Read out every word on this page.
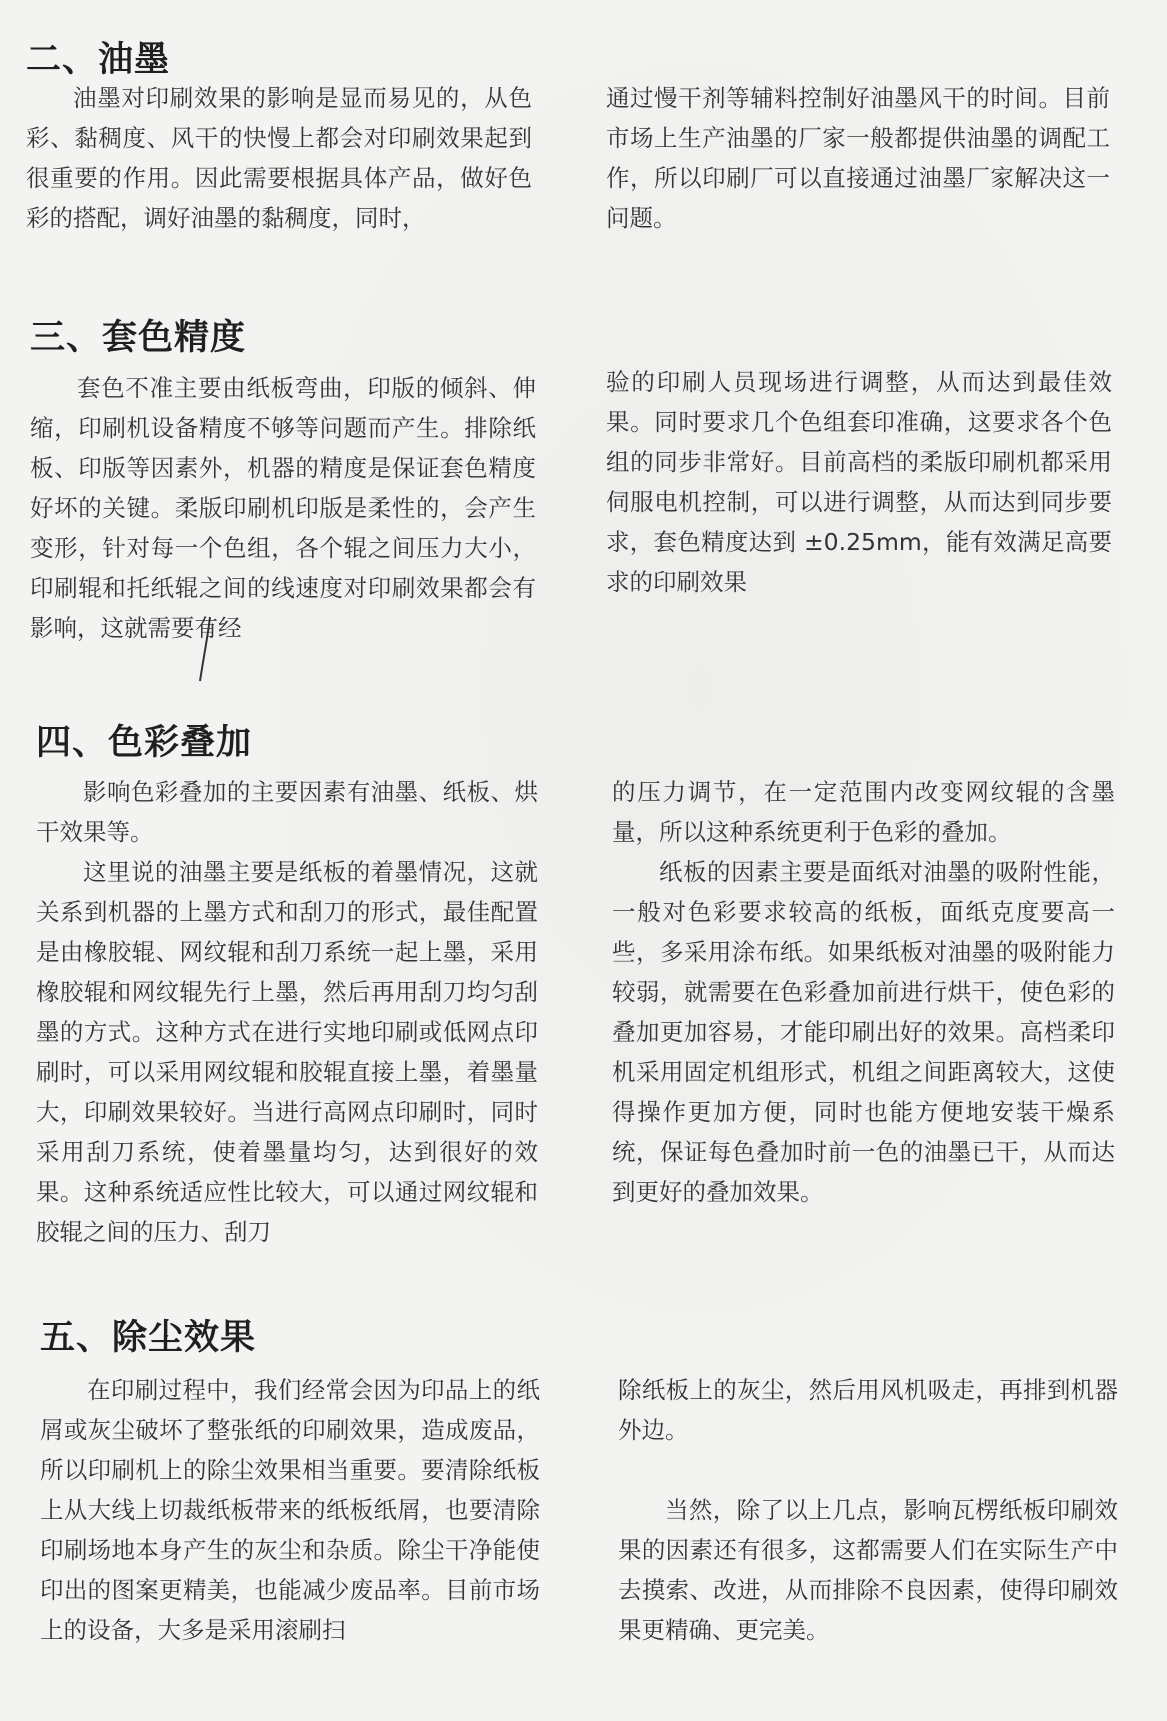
二、油墨

油墨对印刷效果的影响是显而易见的，从色彩、黏稠度、风干的快慢上都会对印刷效果起到很重要的作用。因此需要根据具体产品，做好色彩的搭配，调好油墨的黏稠度，同时，

通过慢干剂等辅料控制好油墨风干的时间。目前市场上生产油墨的厂家一般都提供油墨的调配工作，所以印刷厂可以直接通过油墨厂家解决这一问题。

三、套色精度

套色不准主要由纸板弯曲，印版的倾斜、伸缩，印刷机设备精度不够等问题而产生。排除纸板、印版等因素外，机器的精度是保证套色精度好坏的关键。柔版印刷机印版是柔性的，会产生变形，针对每一个色组，各个辊之间压力大小，印刷辊和托纸辊之间的线速度对印刷效果都会有影响，这就需要有经

验的印刷人员现场进行调整，从而达到最佳效果。同时要求几个色组套印准确，这要求各个色组的同步非常好。目前高档的柔版印刷机都采用伺服电机控制，可以进行调整，从而达到同步要求，套色精度达到 ±0.25mm，能有效满足高要求的印刷效果

四、色彩叠加

影响色彩叠加的主要因素有油墨、纸板、烘干效果等。

这里说的油墨主要是纸板的着墨情况，这就关系到机器的上墨方式和刮刀的形式，最佳配置是由橡胶辊、网纹辊和刮刀系统一起上墨，采用橡胶辊和网纹辊先行上墨，然后再用刮刀均匀刮墨的方式。这种方式在进行实地印刷或低网点印刷时，可以采用网纹辊和胶辊直接上墨，着墨量大，印刷效果较好。当进行高网点印刷时，同时采用刮刀系统，使着墨量均匀，达到很好的效果。这种系统适应性比较大，可以通过网纹辊和胶辊之间的压力、刮刀

的压力调节，在一定范围内改变网纹辊的含墨量，所以这种系统更利于色彩的叠加。

纸板的因素主要是面纸对油墨的吸附性能，一般对色彩要求较高的纸板，面纸克度要高一些，多采用涂布纸。如果纸板对油墨的吸附能力较弱，就需要在色彩叠加前进行烘干，使色彩的叠加更加容易，才能印刷出好的效果。高档柔印机采用固定机组形式，机组之间距离较大，这使得操作更加方便，同时也能方便地安装干燥系统，保证每色叠加时前一色的油墨已干，从而达到更好的叠加效果。

五、除尘效果

在印刷过程中，我们经常会因为印品上的纸屑或灰尘破坏了整张纸的印刷效果，造成废品，所以印刷机上的除尘效果相当重要。要清除纸板上从大线上切裁纸板带来的纸板纸屑，也要清除印刷场地本身产生的灰尘和杂质。除尘干净能使印出的图案更精美，也能减少废品率。目前市场上的设备，大多是采用滚刷扫

除纸板上的灰尘，然后用风机吸走，再排到机器外边。

当然，除了以上几点，影响瓦楞纸板印刷效果的因素还有很多，这都需要人们在实际生产中去摸索、改进，从而排除不良因素，使得印刷效果更精确、更完美。
